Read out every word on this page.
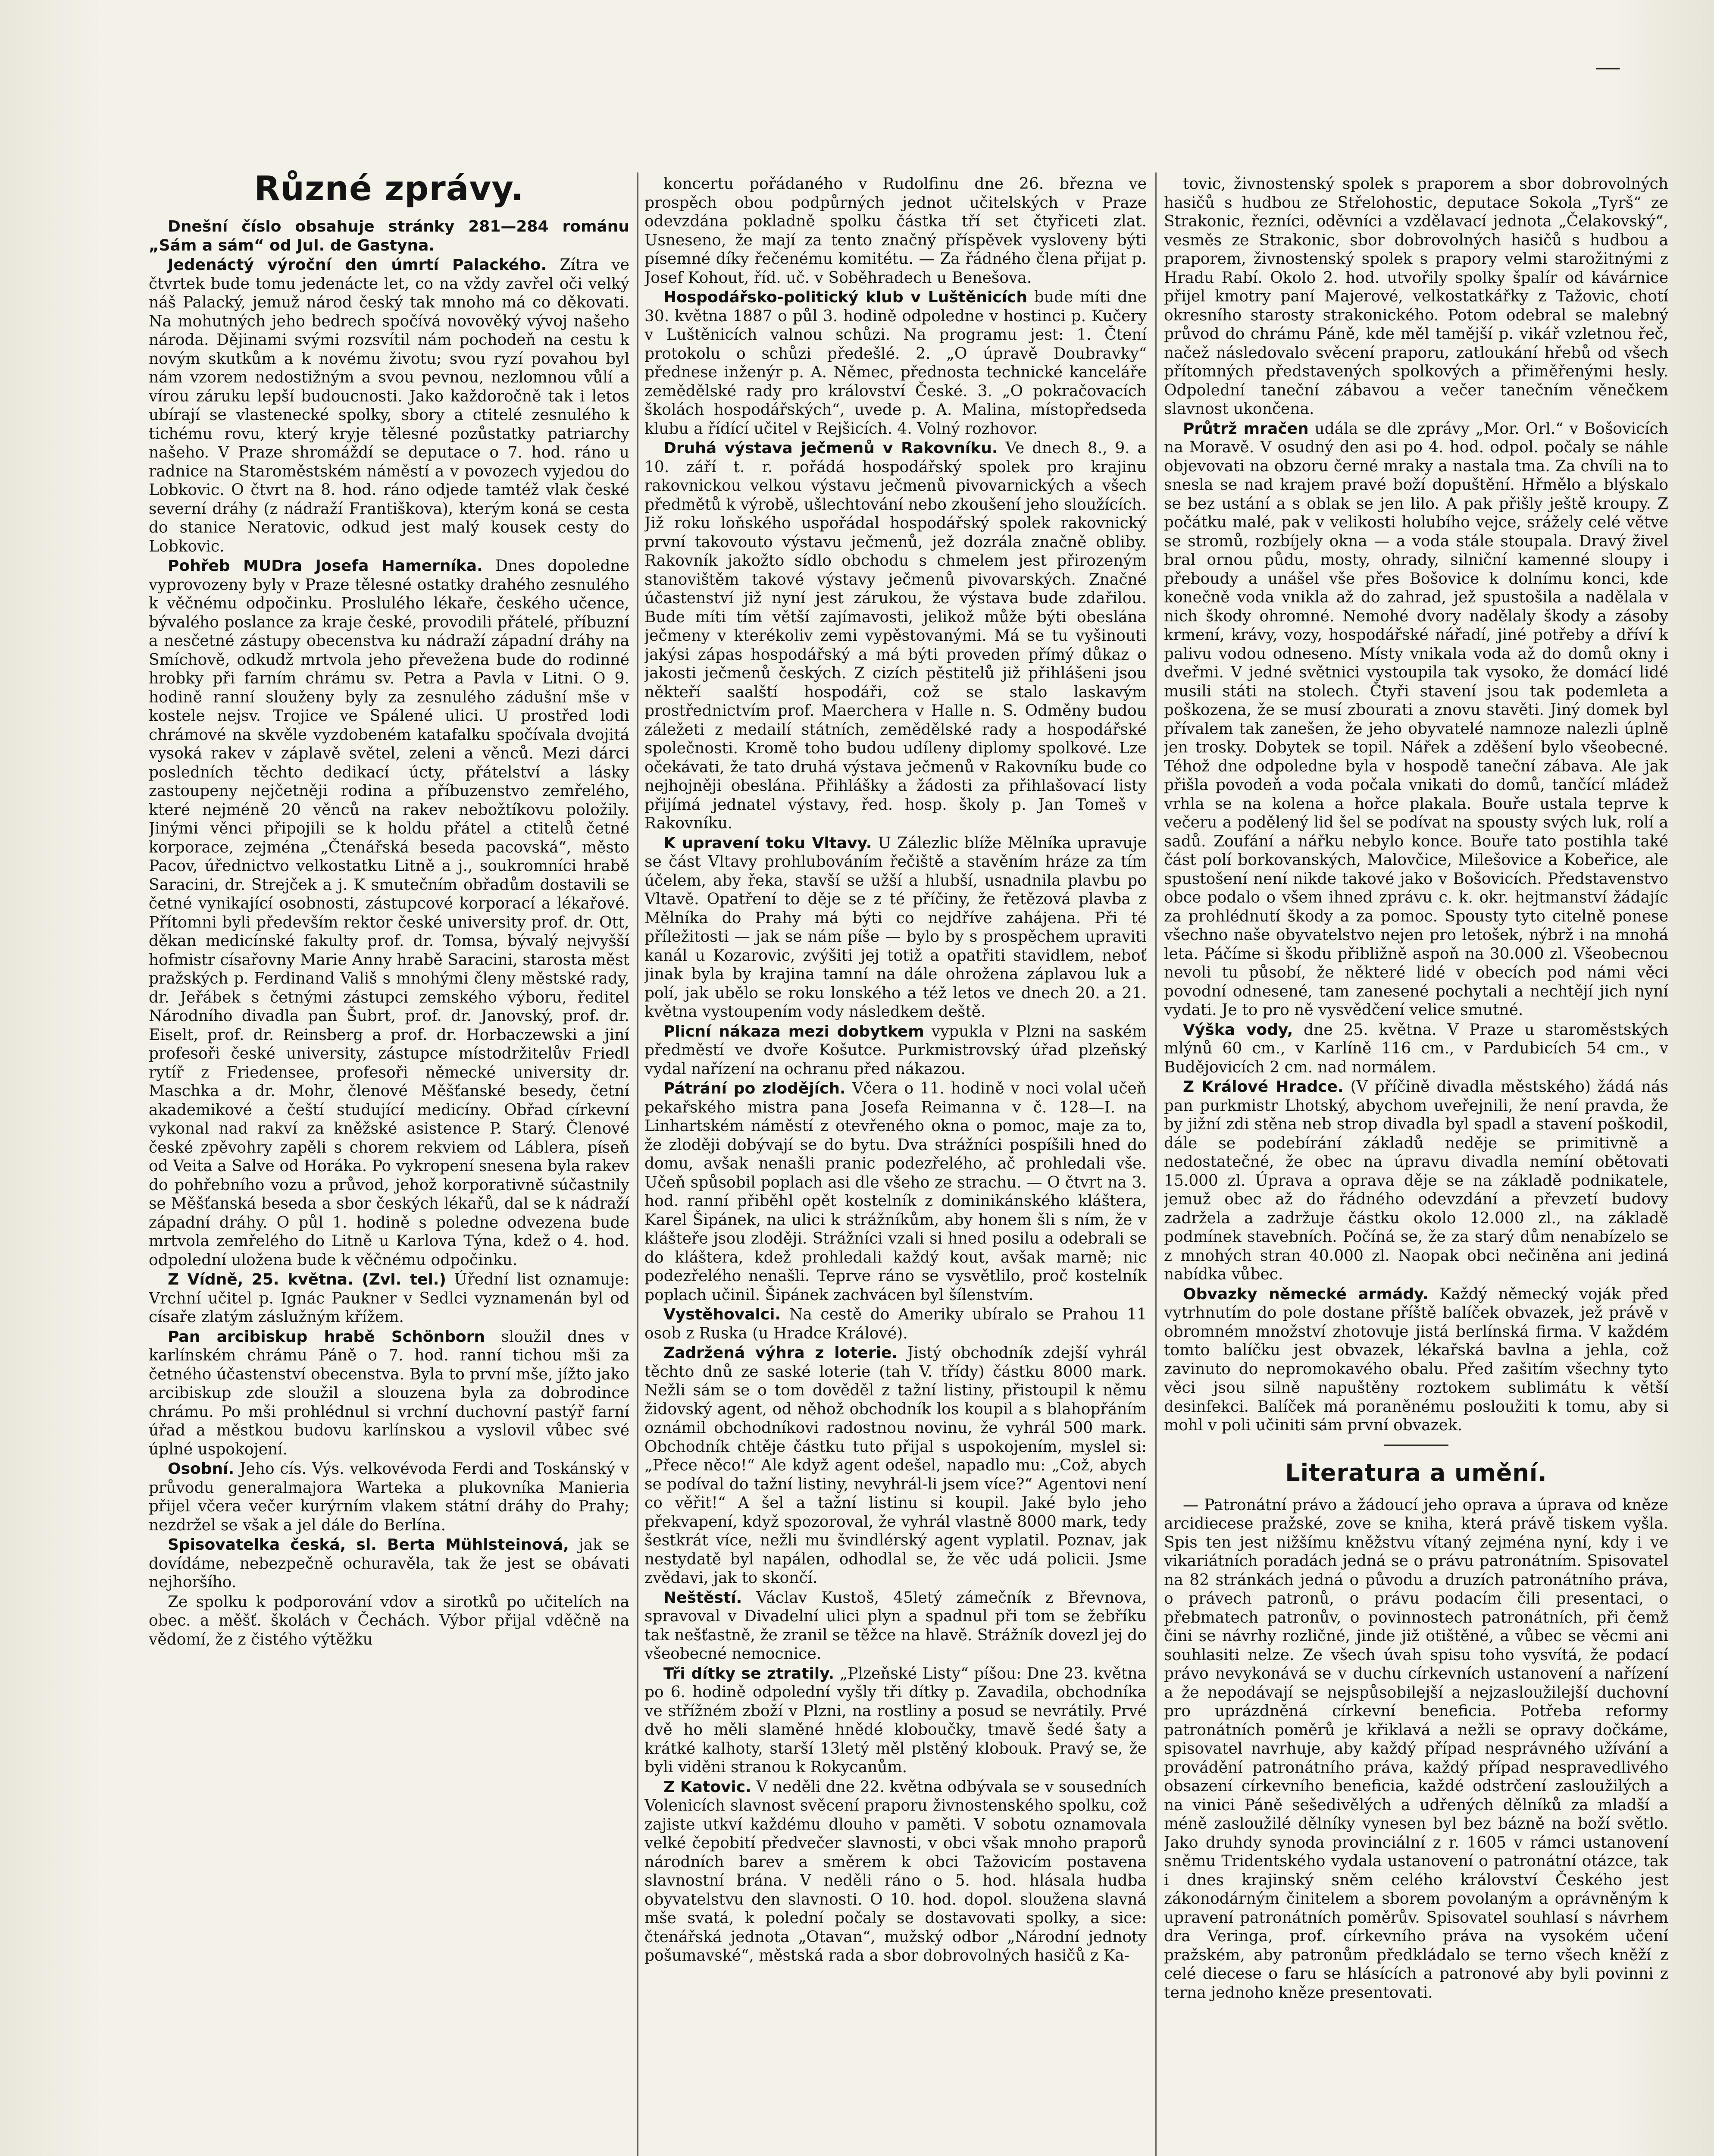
—
Různé zprávy.

Dnešní číslo obsahuje stránky 281—284 románu „Sám a sám“ od Jul. de Gastyna.

Jedenáctý výroční den úmrtí Palackého. Zítra ve čtvrtek bude tomu jedenácte let, co na vždy zavřel oči velký náš Palacký, jemuž národ český tak mnoho má co děkovati. Na mohutných jeho bedrech spočívá novověký vývoj našeho národa. Dějinami svými rozsvítil nám pochodeň na cestu k novým skutkům a k novému životu; svou ryzí povahou byl nám vzorem nedostižným a svou pevnou, nezlomnou vůlí a vírou záruku lepší budoucnosti. Jako každoročně tak i letos ubírají se vlastenecké spolky, sbory a ctitelé zesnulého k tichému rovu, který kryje tělesné pozůstatky patriarchy našeho. V Praze shromáždí se deputace o 7. hod. ráno u radnice na Staroměstském náměstí a v povozech vyjedou do Lobkovic. O čtvrt na 8. hod. ráno odjede tamtéž vlak české severní dráhy (z nádraží Františkova), kterým koná se cesta do stanice Neratovic, odkud jest malý kousek cesty do Lobkovic.

Pohřeb MUDra Josefa Hamerníka. Dnes dopoledne vyprovozeny byly v Praze tělesné ostatky drahého zesnulého k věčnému odpočinku. Proslulého lékaře, českého učence, bývalého poslance za kraje české, provodili přátelé, příbuzní a nesčetné zástupy obecenstva ku nádraží západní dráhy na Smíchově, odkudž mrtvola jeho převežena bude do rodinné hrobky při farním chrámu sv. Petra a Pavla v Litni. O 9. hodině ranní slouženy byly za zesnulého zádušní mše v kostele nejsv. Trojice ve Spálené ulici. U prostřed lodi chrámové na skvěle vyzdobeném katafalku spočívala dvojitá vysoká rakev v záplavě světel, zeleni a věnců. Mezi dárci posledních těchto dedikací úcty, přátelství a lásky zastoupeny nejčetněji rodina a příbuzenstvo zemřelého, které nejméně 20 věnců na rakev nebožtíkovu položily. Jinými věnci připojili se k holdu přátel a ctitelů četné korporace, zejména „Čtenářská beseda pacovská“, město Pacov, úřednictvo velkostatku Litně a j., soukromníci hrabě Saracini, dr. Strejček a j. K smutečním obřadům dostavili se četné vynikající osobnosti, zástupcové korporací a lékařové. Přítomni byli především rektor české university prof. dr. Ott, děkan medicínské fakulty prof. dr. Tomsa, bývalý nejvyšší hofmistr císařovny Marie Anny hrabě Saracini, starosta měst pražských p. Ferdinand Vališ s mnohými členy městské rady, dr. Jeřábek s četnými zástupci zemského výboru, ředitel Národního divadla pan Šubrt, prof. dr. Janovský, prof. dr. Eiselt, prof. dr. Reinsberg a prof. dr. Horbaczewski a jiní profesoři české university, zástupce místodržitelův Friedl rytíř z Friedensee, profesoři německé university dr. Maschka a dr. Mohr, členové Měšťanské besedy, četní akademikové a čeští studující medicíny. Obřad církevní vykonal nad rakví za kněžské asistence P. Starý. Členové české zpěvohry zapěli s chorem rekviem od Láblera, píseň od Veita a Salve od Horáka. Po vykropení snesena byla rakev do pohřebního vozu a průvod, jehož korporativně súčastnily se Měšťanská beseda a sbor českých lékařů, dal se k nádraží západní dráhy. O půl 1. hodině s poledne odvezena bude mrtvola zemřelého do Litně u Karlova Týna, kdež o 4. hod. odpolední uložena bude k věčnému odpočinku.

Z Vídně, 25. května. (Zvl. tel.) Úřední list oznamuje: Vrchní učitel p. Ignác Paukner v Sedlci vyznamenán byl od císaře zlatým záslužným křížem.

Pan arcibiskup hrabě Schönborn sloužil dnes v karlínském chrámu Páně o 7. hod. ranní tichou mši za četného účastenství obecenstva. Byla to první mše, jížto jako arcibiskup zde sloužil a slouzena byla za dobrodince chrámu. Po mši prohlédnul si vrchní duchovní pastýř farní úřad a městkou budovu karlínskou a vyslovil vůbec své úplné uspokojení.

Osobní. Jeho cís. Výs. velkovévoda Ferdi and Toskánský v průvodu generalmajora Warteka a plukovníka Manieria přijel včera večer kurýrním vlakem státní dráhy do Prahy; nezdržel se však a jel dále do Berlína.

Spisovatelka česká, sl. Berta Mühlsteinová, jak se dovídáme, nebezpečně ochuravěla, tak že jest se obávati nejhoršího.

Ze spolku k podporování vdov a sirotků po učitelích na obec. a měšť. školách v Čechách. Výbor přijal vděčně na vědomí, že z čistého výtěžku

koncertu pořádaného v Rudolfinu dne 26. března ve prospěch obou podpůrných jednot učitelských v Praze odevzdána pokladně spolku částka tří set čtyřiceti zlat. Usneseno, že mají za tento značný příspěvek vysloveny býti písemné díky řečenému komitétu. — Za řádného člena přijat p. Josef Kohout, říd. uč. v Soběhradech u Benešova.

Hospodářsko-politický klub v Luštěnicích bude míti dne 30. května 1887 o půl 3. hodině odpoledne v hostinci p. Kučery v Luštěnicích valnou schůzi. Na programu jest: 1. Čtení protokolu o schůzi předešlé. 2. „O úpravě Doubravky“ přednese inženýr p. A. Němec, přednosta technické kanceláře zemědělské rady pro království České. 3. „O pokračovacích školách hospodářských“, uvede p. A. Malina, místopředseda klubu a řídící učitel v Rejšicích. 4. Volný rozhovor.

Druhá výstava ječmenů v Rakovníku. Ve dnech 8., 9. a 10. září t. r. pořádá hospodářský spolek pro krajinu rakovnickou velkou výstavu ječmenů pivovarnických a všech předmětů k výrobě, ušlechtování nebo zkoušení jeho sloužících. Již roku loňského uspořádal hospodářský spolek rakovnický první takovouto výstavu ječmenů, jež dozrála značně obliby. Rakovník jakožto sídlo obchodu s chmelem jest přirozeným stanovištěm takové výstavy ječmenů pivovarských. Značné účastenství již nyní jest zárukou, že výstava bude zdařilou. Bude míti tím větší zajímavosti, jelikož může býti obeslána ječmeny v kterékoliv zemi vypěstovanými. Má se tu vyšinouti jakýsi zápas hospodářský a má býti proveden přímý důkaz o jakosti ječmenů českých. Z cizích pěstitelů již přihlášeni jsou někteří saalští hospodáři, což se stalo laskavým prostřednictvím prof. Maerchera v Halle n. S. Odměny budou záležeti z medailí státních, zemědělské rady a hospodářské společnosti. Kromě toho budou udíleny diplomy spolkové. Lze očekávati, že tato druhá výstava ječmenů v Rakovníku bude co nejhojněji obeslána. Přihlášky a žádosti za přihlašovací listy přijímá jednatel výstavy, řed. hosp. školy p. Jan Tomeš v Rakovníku.

K upravení toku Vltavy. U Zálezlic blíže Mělníka upravuje se část Vltavy prohlubováním řečiště a stavěním hráze za tím účelem, aby řeka, stavší se užší a hlubší, usnadnila plavbu po Vltavě. Opatření to děje se z té příčiny, že řetězová plavba z Mělníka do Prahy má býti co nejdříve zahájena. Při té příležitosti — jak se nám píše — bylo by s prospěchem upraviti kanál u Kozarovic, zvýšiti jej totiž a opatřiti stavidlem, neboť jinak byla by krajina tamní na dále ohrožena záplavou luk a polí, jak ubělo se roku lonského a též letos ve dnech 20. a 21. května vystoupením vody následkem deště.

Plicní nákaza mezi dobytkem vypukla v Plzni na saském předměstí ve dvoře Košutce. Purkmistrovský úřad plzeňský vydal nařízení na ochranu před nákazou.

Pátrání po zlodějích. Včera o 11. hodině v noci volal učeň pekařského mistra pana Josefa Reimanna v č. 128—I. na Linhartském náměstí z otevřeného okna o pomoc, maje za to, že zloději dobývají se do bytu. Dva strážníci pospíšili hned do domu, avšak nenašli pranic podezřelého, ač prohledali vše. Učeň spůsobil poplach asi dle všeho ze strachu. — O čtvrt na 3. hod. ranní přiběhl opět kostelník z dominikánského kláštera, Karel Šipánek, na ulici k strážníkům, aby honem šli s ním, že v klášteře jsou zloději. Strážníci vzali si hned posilu a odebrali se do kláštera, kdež prohledali každý kout, avšak marně; nic podezřelého nenašli. Teprve ráno se vysvětlilo, proč kostelník poplach učinil. Šipánek zachvácen byl šílenstvím.

Vystěhovalci. Na cestě do Ameriky ubíralo se Prahou 11 osob z Ruska (u Hradce Králové).

Zadržená výhra z loterie. Jistý obchodník zdejší vyhrál těchto dnů ze saské loterie (tah V. třídy) částku 8000 mark. Nežli sám se o tom dověděl z tažní listiny, přistoupil k němu židovský agent, od něhož obchodník los koupil a s blahopřáním oznámil obchodníkovi radostnou novinu, že vyhrál 500 mark. Obchodník chtěje částku tuto přijal s uspokojením, myslel si: „Přece něco!“ Ale když agent odešel, napadlo mu: „Což, abych se podíval do tažní listiny, nevyhrál-li jsem více?“ Agentovi není co věřit!“ A šel a tažní listinu si koupil. Jaké bylo jeho překvapení, když spozoroval, že vyhrál vlastně 8000 mark, tedy šestkrát více, nežli mu švindlérský agent vyplatil. Poznav, jak nestydatě byl napálen, odhodlal se, že věc udá policii. Jsme zvědavi, jak to skončí.

Neštěstí. Václav Kustoš, 45letý zámečník z Břevnova, spravoval v Divadelní ulici plyn a spadnul při tom se žebříku tak nešťastně, že zranil se těžce na hlavě. Strážník dovezl jej do všeobecné nemocnice.

Tři dítky se ztratily. „Plzeňské Listy“ píšou: Dne 23. května po 6. hodině odpolední vyšly tři dítky p. Zavadila, obchodníka ve střížném zboží v Plzni, na rostliny a posud se nevrátily. Prvé dvě ho měli slaměné hnědé kloboučky, tmavě šedé šaty a krátké kalhoty, starší 13letý měl plstěný klobouk. Pravý se, že byli viděni stranou k Rokycanům.

Z Katovic. V neděli dne 22. května odbývala se v sousedních Volenicích slavnost svěcení praporu živnostenského spolku, což zajiste utkví každému dlouho v paměti. V sobotu oznamovala velké čepobití předvečer slavnosti, v obci však mnoho praporů národních barev a směrem k obci Tažovicím postavena slavnostní brána. V neděli ráno o 5. hod. hlásala hudba obyvatelstvu den slavnosti. O 10. hod. dopol. sloužena slavná mše svatá, k polední počaly se dostavovati spolky, a sice: čtenářská jednota „Otavan“, mužský odbor „Národní jednoty pošumavské“, městská rada a sbor dobrovolných hasičů z Ka-

tovic, živnostenský spolek s praporem a sbor dobrovolných hasičů s hudbou ze Střelohostic, deputace Sokola „Tyrš“ ze Strakonic, řezníci, oděvníci a vzdělavací jednota „Čelakovský“, vesměs ze Strakonic, sbor dobrovolných hasičů s hudbou a praporem, živnostenský spolek s prapory velmi starožitnými z Hradu Rabí. Okolo 2. hod. utvořily spolky špalír od kávárnice přijel kmotry paní Majerové, velkostatkářky z Tažovic, chotí okresního starosty strakonického. Potom odebral se malebný průvod do chrámu Páně, kde měl tamější p. vikář vzletnou řeč, načež následovalo svěcení praporu, zatloukání hřebů od všech přítomných představených spolkových a přiměřenými hesly. Odpolední taneční zábavou a večer tanečním věnečkem slavnost ukončena.

Průtrž mračen udála se dle zprávy „Mor. Orl.“ v Bošovicích na Moravě. V osudný den asi po 4. hod. odpol. počaly se náhle objevovati na obzoru černé mraky a nastala tma. Za chvíli na to snesla se nad krajem pravé boží dopuštění. Hřmělo a blýskalo se bez ustání a s oblak se jen lilo. A pak přišly ještě kroupy. Z počátku malé, pak v velikosti holubího vejce, srážely celé větve se stromů, rozbíjely okna — a voda stále stoupala. Dravý živel bral ornou půdu, mosty, ohrady, silniční kamenné sloupy i přeboudy a unášel vše přes Bošovice k dolnímu konci, kde konečně voda vnikla až do zahrad, jež spustošila a nadělala v nich škody ohromné. Nemohé dvory nadělaly škody a zásoby krmení, krávy, vozy, hospodářské nářadí, jiné potřeby a dříví k palivu vodou odneseno. Místy vnikala voda až do domů okny i dveřmi. V jedné světnici vystoupila tak vysoko, že domácí lidé musili státi na stolech. Čtyři stavení jsou tak podemleta a poškozena, že se musí zbourati a znovu stavěti. Jiný domek byl přívalem tak zanešen, že jeho obyvatelé namnoze nalezli úplně jen trosky. Dobytek se topil. Nářek a zděšení bylo všeobecné. Téhož dne odpoledne byla v hospodě taneční zábava. Ale jak přišla povodeň a voda počala vnikati do domů, tančící mládež vrhla se na kolena a hořce plakala. Bouře ustala teprve k večeru a podělený lid šel se podívat na spousty svých luk, rolí a sadů. Zoufání a nářku nebylo konce. Bouře tato postihla také část polí borkovanských, Malovčice, Milešovice a Kobeřice, ale spustošení není nikde takové jako v Bošovicích. Představenstvo obce podalo o všem ihned zprávu c. k. okr. hejtmanství žádajíc za prohlédnutí škody a za pomoc. Spousty tyto citelně ponese všechno naše obyvatelstvo nejen pro letošek, nýbrž i na mnohá leta. Páčíme si škodu přibližně aspoň na 30.000 zl. Všeobecnou nevoli tu působí, že některé lidé v obecích pod námi věci povodní odnesené, tam zanesené pochytali a nechtějí jich nyní vydati. Je to pro ně vysvědčení velice smutné.

Výška vody, dne 25. května. V Praze u staroměstských mlýnů 60 cm., v Karlíně 116 cm., v Pardubicích 54 cm., v Budějovicích 2 cm. nad normálem.

Z Králové Hradce. (V příčině divadla městského) žádá nás pan purkmistr Lhotský, abychom uveřejnili, že není pravda, že by jižní zdi stěna neb strop divadla byl spadl a stavení poškodil, dále se podebírání základů neděje se primitivně a nedostatečné, že obec na úpravu divadla nemíní obětovati 15.000 zl. Úprava a oprava děje se na základě podnikatele, jemuž obec až do řádného odevzdání a převzetí budovy zadržela a zadržuje částku okolo 12.000 zl., na základě podmínek stavebních. Počíná se, že za starý dům nenabízelo se z mnohých stran 40.000 zl. Naopak obci nečiněna ani jediná nabídka vůbec.

Obvazky německé armády. Každý německý voják před vytrhnutím do pole dostane příště balíček obvazek, jež právě v obromném množství zhotovuje jistá berlínská firma. V každém tomto balíčku jest obvazek, lékařská bavlna a jehla, což zavinuto do nepromokavého obalu. Před zašitím všechny tyto věci jsou silně napuštěny roztokem sublimátu k větší desinfekci. Balíček má poraněnému posloužiti k tomu, aby si mohl v poli učiniti sám první obvazek.

Literatura a umění.

— Patronátní právo a žádoucí jeho oprava a úprava od kněze arcidiecese pražské, zove se kniha, která právě tiskem vyšla. Spis ten jest nižšímu kněžstvu vítaný zejména nyní, kdy i ve vikariátních poradách jedná se o právu patronátním. Spisovatel na 82 stránkách jedná o původu a druzích patronátního práva, o právech patronů, o právu podacím čili presentaci, o přebmatech patronův, o povinnostech patronátních, při čemž čini se návrhy rozličné, jinde již otištěné, a vůbec se věcmi ani souhlasiti nelze. Ze všech úvah spisu toho vysvítá, že podací právo nevykonává se v duchu církevních ustanovení a nařízení a že nepodávají se nejspůsobilejší a nejzasloužilejší duchovní pro uprázdněná církevní beneficia. Potřeba reformy patronátních poměrů je křiklavá a nežli se opravy dočkáme, spisovatel navrhuje, aby každý případ nesprávného užívání a provádění patronátního práva, každý případ nespravedlivého obsazení církevního beneficia, každé odstrčení zasloužilých a na vinici Páně sešedivělých a udřených dělníků za mladší a méně zasloužilé dělníky vynesen byl bez bázně na boží světlo. Jako druhdy synoda provinciální z r. 1605 v rámci ustanovení sněmu Tridentského vydala ustanovení o patronátní otázce, tak i dnes krajinský sněm celého království Českého jest zákonodárným činitelem a sborem povolaným a oprávněným k upravení patronátních poměrův. Spisovatel souhlasí s návrhem dra Veringa, prof. církevního práva na vysokém učení pražském, aby patronům předkládalo se terno všech kněží z celé diecese o faru se hlásících a patronové aby byli povinni z terna jednoho kněze presentovati.
